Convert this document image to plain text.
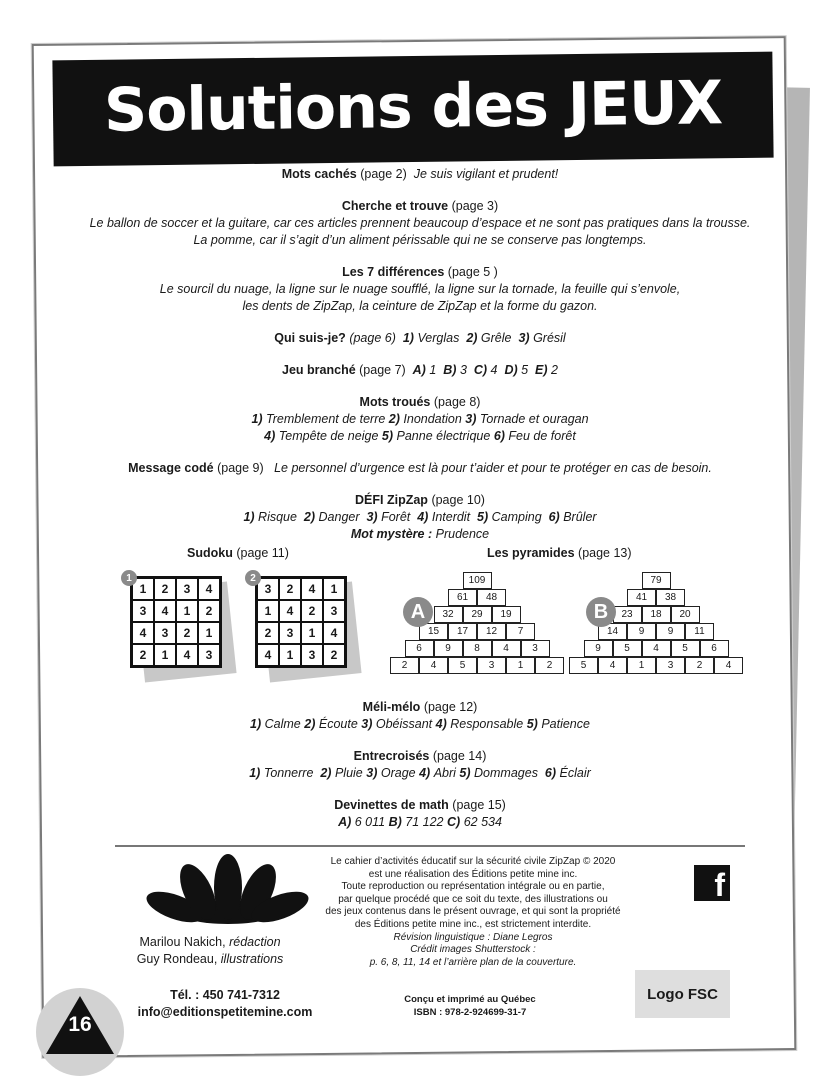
Solutions des JEUX

Mots cachés (page 2) Je suis vigilant et prudent!

Cherche et trouve (page 3)

Le ballon de soccer et la guitare, car ces articles prennent beaucoup d’espace et ne sont pas pratiques dans la trousse.

La pomme, car il s’agit d’un aliment périssable qui ne se conserve pas longtemps.

Les 7 différences (page 5 )

Le sourcil du nuage, la ligne sur le nuage soufflé, la ligne sur la tornade, la feuille qui s’envole,

les dents de ZipZap, la ceinture de ZipZap et la forme du gazon.

Qui suis-je? (page 6) 1) Verglas 2) Grêle 3) Grésil

Jeu branché (page 7) A) 1 B) 3 C) 4 D) 5 E) 2

Mots troués (page 8)

1) Tremblement de terre 2) Inondation 3) Tornade et ouragan

4) Tempête de neige 5) Panne électrique 6) Feu de forêt

Message codé (page 9) Le personnel d’urgence est là pour t’aider et pour te protéger en cas de besoin.

DÉFI ZipZap (page 10)

1) Risque 2) Danger 3) Forêt 4) Interdit 5) Camping 6) Brûler

Mot mystère : Prudence

Sudoku (page 11)	Les pyramides (page 13)
1	2	3	4
3	4	1	2
4	3	2	1
2	1	4	3
1
3	2	4	1
1	4	2	3
2	3	1	4
4	1	3	2
2	109
61	48
32	29	19
15	17	12	7
6	9	8	4	3
2	4	5	3	1	2
A
79
41	38
23	18	20
14	9	9	11
9	5	4	5	6
5	4	1	3	2	4
B

Méli-mélo (page 12)

1) Calme 2) Écoute 3) Obéissant 4) Responsable 5) Patience

Entrecroisés (page 14)

1) Tonnerre 2) Pluie 3) Orage 4) Abri 5) Dommages 6) Éclair

Devinettes de math (page 15)

A) 6 011 B) 71 122 C) 62 534

Marilou Nakich, rédaction
Guy Rondeau, illustrations
Tél. : 450 741-7312
info@editionspetitemine.com

Le cahier d’activités éducatif sur la sécurité civile ZipZap © 2020

est une réalisation des Éditions petite mine inc.

Toute reproduction ou représentation intégrale ou en partie,

par quelque procédé que ce soit du texte, des illustrations ou

des jeux contenus dans le présent ouvrage, et qui sont la propriété

des Éditions petite mine inc., est strictement interdite.

Révision linguistique : Diane Legros

Crédit images Shutterstock :

p. 6, 8, 11, 14 et l’arrière plan de la couverture.

Conçu et imprimé au Québec
ISBN : 978-2-924699-31-7
f
Logo FSC
16
